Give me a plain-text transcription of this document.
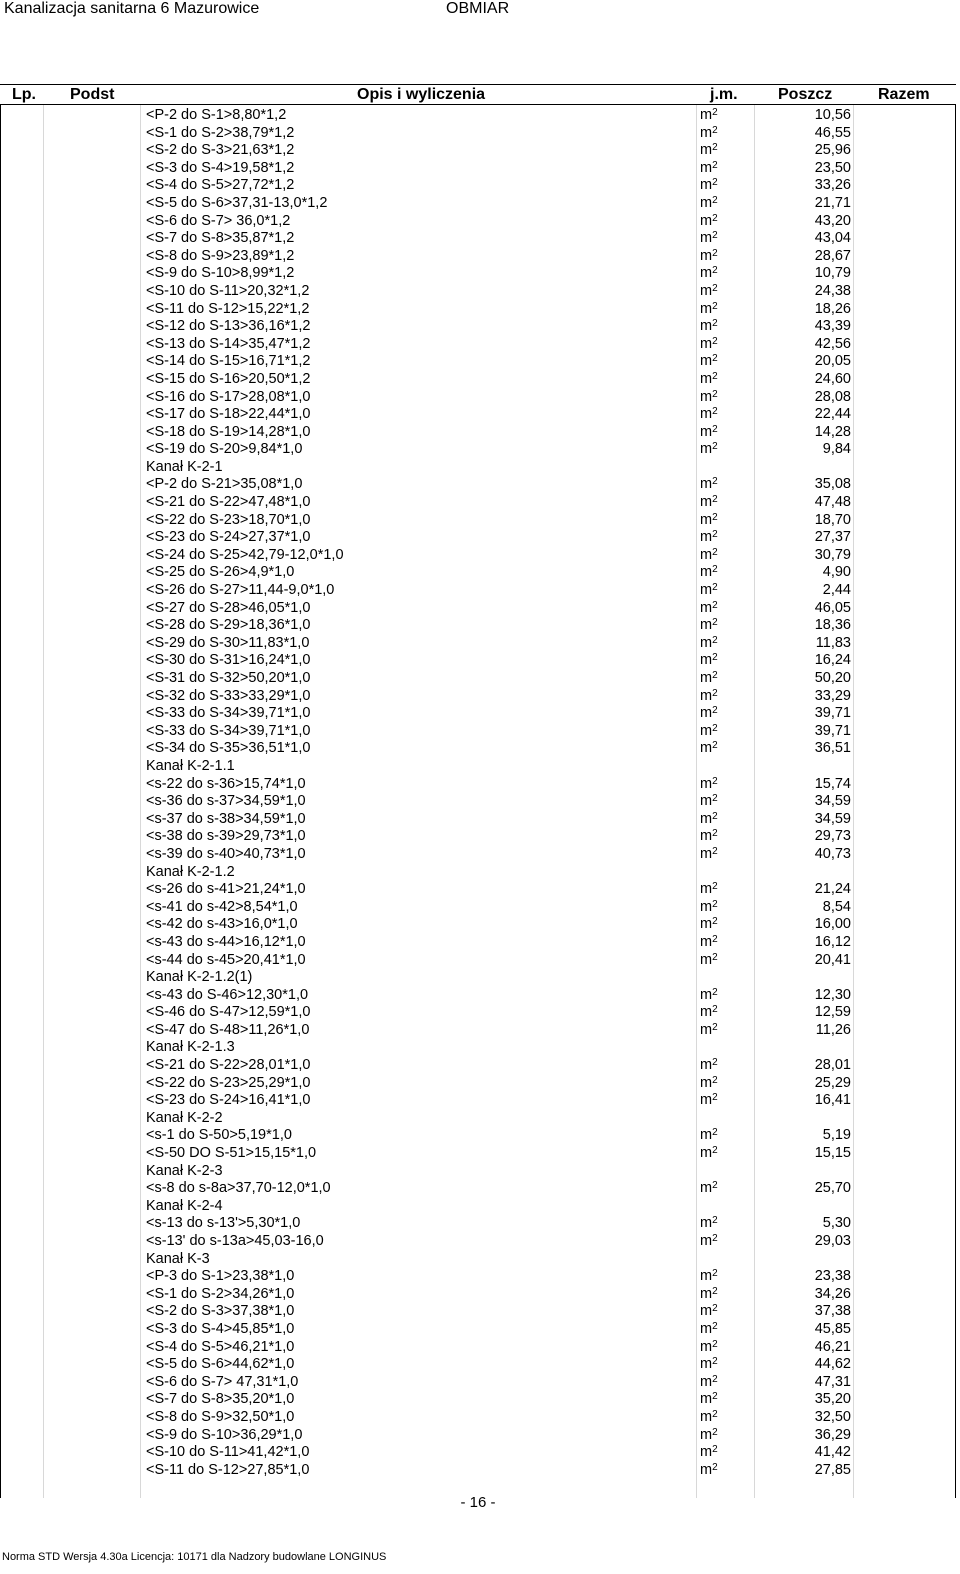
Kanalizacja sanitarna 6 Mazurowice	OBMIAR
Lp. Podst	Opis i wyliczenia	j.m.	Poszcz	Razem
<P-2 do S-1>8,80*1,2	$m^2$	10,56
<S-1 do S-2>38,79*1,2	$m^2$	46,55
<S-2 do S-3>21,63*1,2	$m^2$	25,96
<S-3 do S-4>19,58*1,2	$m^2$	23,50
<S-4 do S-5>27,72*1,2	$m^2$	33,26
<S-5 do S-6>37,31-13,0*1,2	$m^2$	21,71
<S-6 do S-7> 36,0*1,2	$m^2$	43,20
<S-7 do S-8>35,87*1,2	$m^2$	43,04
<S-8 do S-9>23,89*1,2	$m^2$	28,67
<S-9 do S-10>8,99*1,2	$m^2$	10,79
<S-10 do S-11>20,32*1,2	$m^2$	24,38
<S-11 do S-12>15,22*1,2	$m^2$	18,26
<S-12 do S-13>36,16*1,2	$m^2$	43,39
<S-13 do S-14>35,47*1,2	$m^2$	42,56
<S-14 do S-15>16,71*1,2	$m^2$	20,05
<S-15 do S-16>20,50*1,2	$m^2$	24,60
<S-16 do S-17>28,08*1,0	$m^2$	28,08
<S-17 do S-18>22,44*1,0	$m^2$	22,44
<S-18 do S-19>14,28*1,0	$m^2$	14,28
<S-19 do S-20>9,84*1,0	$m^2$	9,84
Kanał K-2-1
<P-2 do S-21>35,08*1,0	$m^2$	35,08
<S-21 do S-22>47,48*1,0	$m^2$	47,48
<S-22 do S-23>18,70*1,0	$m^2$	18,70
<S-23 do S-24>27,37*1,0	$m^2$	27,37
<S-24 do S-25>42,79-12,0*1,0	$m^2$	30,79
<S-25 do S-26>4,9*1,0	$m^2$	4,90
<S-26 do S-27>11,44-9,0*1,0	$m^2$	2,44
<S-27 do S-28>46,05*1,0	$m^2$	46,05
<S-28 do S-29>18,36*1,0	$m^2$	18,36
<S-29 do S-30>11,83*1,0	$m^2$	11,83
<S-30 do S-31>16,24*1,0	$m^2$	16,24
<S-31 do S-32>50,20*1,0	$m^2$	50,20
<S-32 do S-33>33,29*1,0	$m^2$	33,29
<S-33 do S-34>39,71*1,0	$m^2$	39,71
<S-33 do S-34>39,71*1,0	$m^2$	39,71
<S-34 do S-35>36,51*1,0	$m^2$	36,51
Kanał K-2-1.1
<s-22 do s-36>15,74*1,0	$m^2$	15,74
<s-36 do s-37>34,59*1,0	$m^2$	34,59
<s-37 do s-38>34,59*1,0	$m^2$	34,59
<s-38 do s-39>29,73*1,0	$m^2$	29,73
<s-39 do s-40>40,73*1,0	$m^2$	40,73
Kanał K-2-1.2
<s-26 do s-41>21,24*1,0	$m^2$	21,24
<s-41 do s-42>8,54*1,0	$m^2$	8,54
<s-42 do s-43>16,0*1,0	$m^2$	16,00
<s-43 do s-44>16,12*1,0	$m^2$	16,12
<s-44 do s-45>20,41*1,0	$m^2$	20,41
Kanał K-2-1.2(1)
<s-43 do S-46>12,30*1,0	$m^2$	12,30
<S-46 do S-47>12,59*1,0	$m^2$	12,59
<S-47 do S-48>11,26*1,0	$m^2$	11,26
Kanał K-2-1.3
<S-21 do S-22>28,01*1,0	$m^2$	28,01
<S-22 do S-23>25,29*1,0	$m^2$	25,29
<S-23 do S-24>16,41*1,0	$m^2$	16,41
Kanał K-2-2
<s-1 do S-50>5,19*1,0	$m^2$	5,19
<S-50 DO S-51>15,15*1,0	$m^2$	15,15
Kanał K-2-3
<s-8 do s-8a>37,70-12,0*1,0	$m^2$	25,70
Kanał K-2-4
<s-13 do s-13'>5,30*1,0	$m^2$	5,30
<s-13' do s-13a>45,03-16,0	$m^2$	29,03
Kanał K-3
<P-3 do S-1>23,38*1,0	$m^2$	23,38
<S-1 do S-2>34,26*1,0	$m^2$	34,26
<S-2 do S-3>37,38*1,0	$m^2$	37,38
<S-3 do S-4>45,85*1,0	$m^2$	45,85
<S-4 do S-5>46,21*1,0	$m^2$	46,21
<S-5 do S-6>44,62*1,0	$m^2$	44,62
<S-6 do S-7> 47,31*1,0	$m^2$	47,31
<S-7 do S-8>35,20*1,0	$m^2$	35,20
<S-8 do S-9>32,50*1,0	$m^2$	32,50
<S-9 do S-10>36,29*1,0	$m^2$	36,29
<S-10 do S-11>41,42*1,0	$m^2$	41,42
<S-11 do S-12>27,85*1,0	$m^2$	27,85
- 16 -
Norma STD Wersja 4.30a Licencja: 10171 dla Nadzory budowlane LONGINUS
